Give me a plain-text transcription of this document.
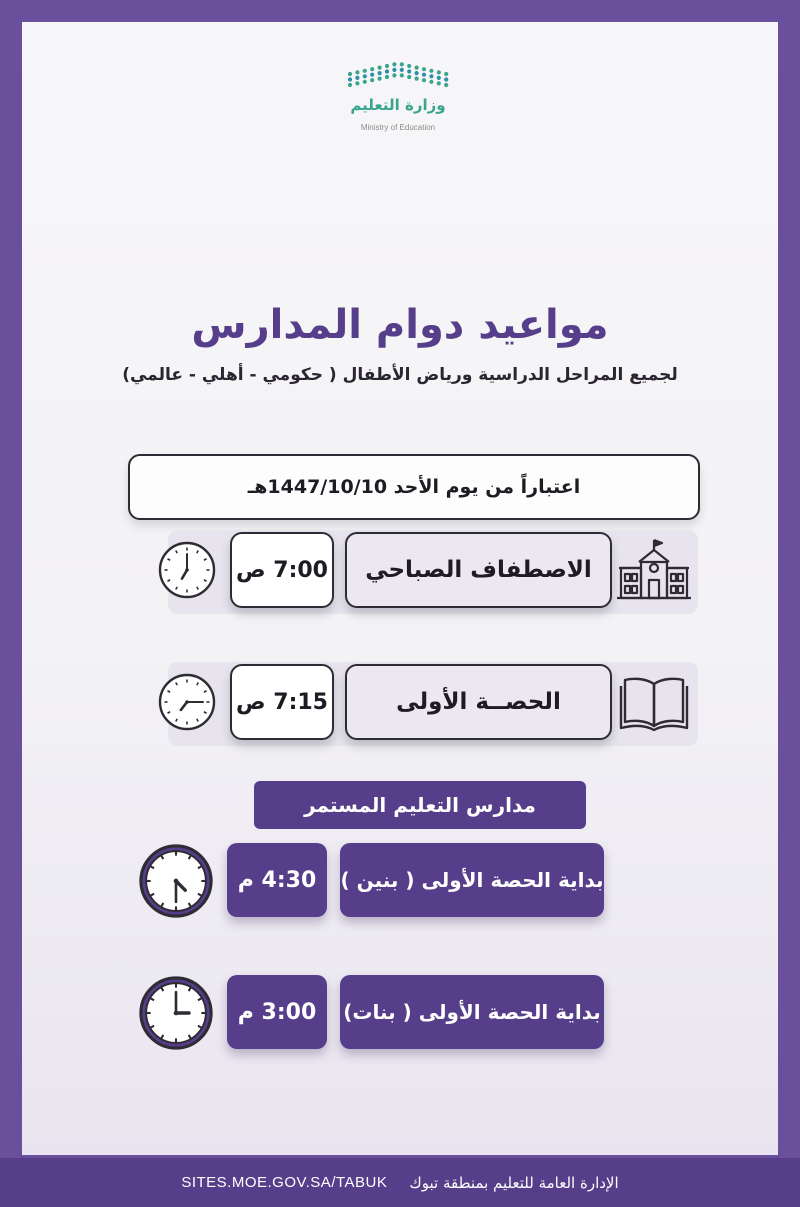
وزارة التعليم
Ministry of Education
مواعيد دوام المدارس
لجميع المراحل الدراسية ورياض الأطفال ( حكومي - أهلي - عالمي)
اعتباراً من يوم الأحد 1447/10/10هـ
الاصطفاف الصباحي
7:00 ص
الحصــة الأولى
7:15 ص
مدارس التعليم المستمر
بداية الحصة الأولى ( بنين )
4:30 م
بداية الحصة الأولى ( بنات)
3:00 م
SITES.MOE.GOV.SA/TABUK الإدارة العامة للتعليم بمنطقة تبوك
